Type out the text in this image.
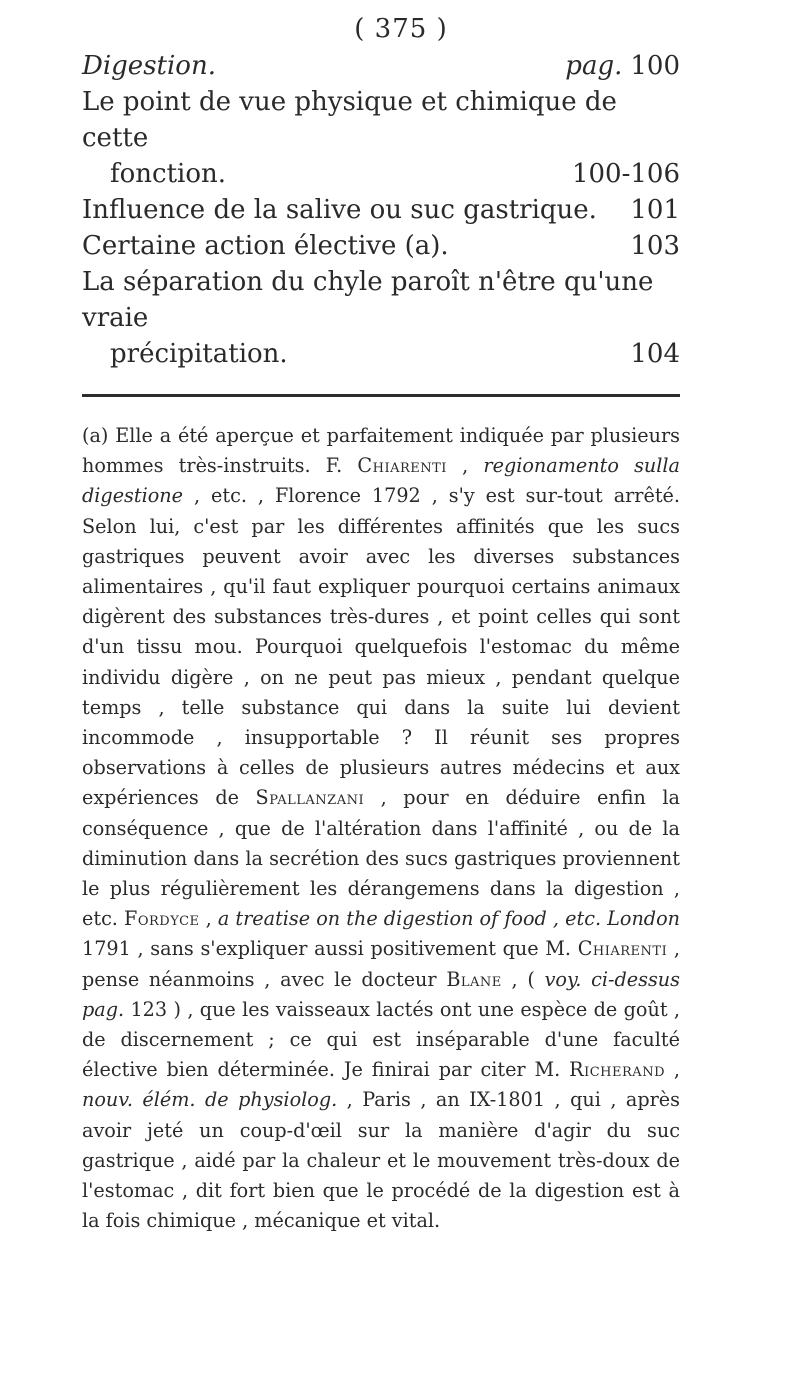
( 375 )
Digestion.	pag. 100
Le point de vue physique et chimique de cette
fonction.	100-106
Influence de la salive ou suc gastrique.	101
Certaine action élective (a).	103
La séparation du chyle paroît n'être qu'une vraie
précipitation.	104

(a) Elle a été aperçue et parfaitement indiquée par plusieurs hommes très-instruits. F. Chiarenti , regionamento sulla digestione , etc. , Florence 1792 , s'y est sur-tout arrêté. Selon lui, c'est par les différentes affinités que les sucs gastriques peuvent avoir avec les diverses substances alimentaires , qu'il faut expliquer pourquoi certains animaux digèrent des substances très-dures , et point celles qui sont d'un tissu mou. Pourquoi quelquefois l'estomac du même individu digère , on ne peut pas mieux , pendant quelque temps , telle substance qui dans la suite lui devient incommode , insupportable ? Il réunit ses propres observations à celles de plusieurs autres médecins et aux expériences de Spallanzani , pour en déduire enfin la conséquence , que de l'altération dans l'affinité , ou de la diminution dans la secrétion des sucs gastriques proviennent le plus régulièrement les dérangemens dans la digestion , etc. Fordyce , a treatise on the digestion of food , etc. London 1791 , sans s'expliquer aussi positivement que M. Chiarenti , pense néanmoins , avec le docteur Blane , ( voy. ci-dessus pag. 123 ) , que les vaisseaux lactés ont une espèce de goût , de discernement ; ce qui est inséparable d'une faculté élective bien déterminée. Je finirai par citer M. Richerand , nouv. élém. de physiolog. , Paris , an IX-1801 , qui , après avoir jeté un coup-d'œil sur la manière d'agir du suc gastrique , aidé par la chaleur et le mouvement très-doux de l'estomac , dit fort bien que le procédé de la digestion est à la fois chimique , mécanique et vital.
